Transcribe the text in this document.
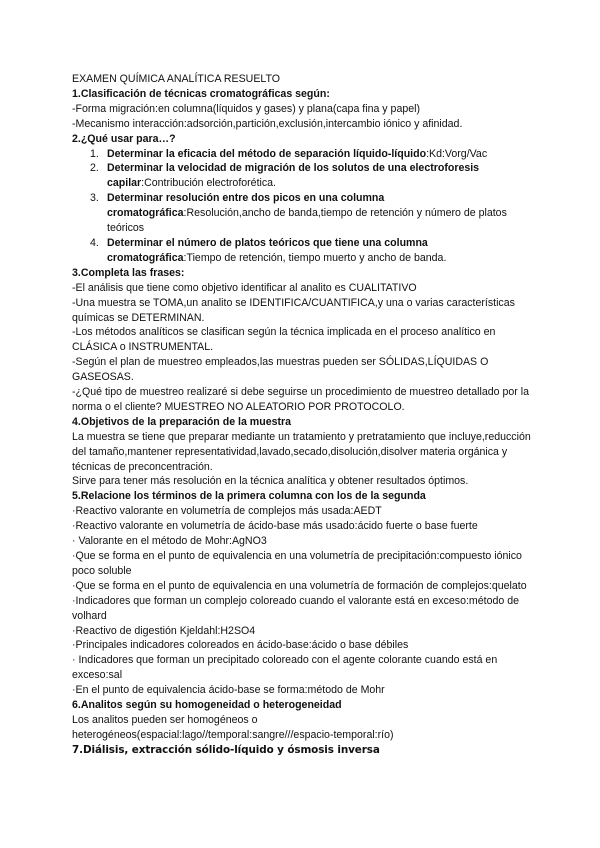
EXAMEN QUÍMICA ANALÍTICA RESUELTO
1.Clasificación de técnicas cromatográficas según:
-Forma migración:en columna(líquidos y gases) y plana(capa fina y papel)
-Mecanismo interacción:adsorción,partición,exclusión,intercambio iónico y afinidad.
2.¿Qué usar para…?
1. Determinar la eficacia del método de separación líquido-líquido:Kd:Vorg/Vac
2. Determinar la velocidad de migración de los solutos de una electroforesis capilar:Contribución electroforética.
3. Determinar resolución entre dos picos en una columna cromatográfica:Resolución,ancho de banda,tiempo de retención y número de platos teóricos
4. Determinar el número de platos teóricos que tiene una columna cromatográfica:Tiempo de retención, tiempo muerto y ancho de banda.
3.Completa las frases:
-El análisis que tiene como objetivo identificar al analito es CUALITATIVO
-Una muestra se TOMA,un analito se IDENTIFICA/CUANTIFICA,y una o varias características químicas se DETERMINAN.
-Los métodos analíticos se clasifican según la técnica implicada en el proceso analítico en CLÁSICA o INSTRUMENTAL.
-Según el plan de muestreo empleados,las muestras pueden ser SÓLIDAS,LÍQUIDAS O GASEOSAS.
-¿Qué tipo de muestreo realizaré si debe seguirse un procedimiento de muestreo detallado por la norma o el cliente? MUESTREO NO ALEATORIO POR PROTOCOLO.
4.Objetivos de la preparación de la muestra
La muestra se tiene que preparar mediante un tratamiento y pretratamiento que incluye,reducción del tamaño,mantener representatividad,lavado,secado,disolución,disolver materia orgánica y técnicas de preconcentración.
Sirve para tener más resolución en la técnica analítica y obtener resultados óptimos.
5.Relacione los términos de la primera columna con los de la segunda
·Reactivo valorante en volumetría de complejos más usada:AEDT
·Reactivo valorante en volumetría de ácido-base más usado:ácido fuerte o base fuerte
· Valorante en el método de Mohr:AgNO3
·Que se forma en el punto de equivalencia en una volumetría de precipitación:compuesto iónico poco soluble
·Que se forma en el punto de equivalencia en una volumetría de formación de complejos:quelato
·Indicadores que forman un complejo coloreado cuando el valorante está en exceso:método de volhard
·Reactivo de digestión Kjeldahl:H2SO4
·Principales indicadores coloreados en ácido-base:ácido o base débiles
· Indicadores que forman un precipitado coloreado con el agente colorante cuando está en exceso:sal
·En el punto de equivalencia ácido-base se forma:método de Mohr
6.Analitos según su homogeneidad o heterogeneidad
Los analitos pueden ser homogéneos o
heterogéneos(espacial:lago//temporal:sangre///espacio-temporal:río)
7.Diálisis, extracción sólido-líquido y ósmosis inversa
